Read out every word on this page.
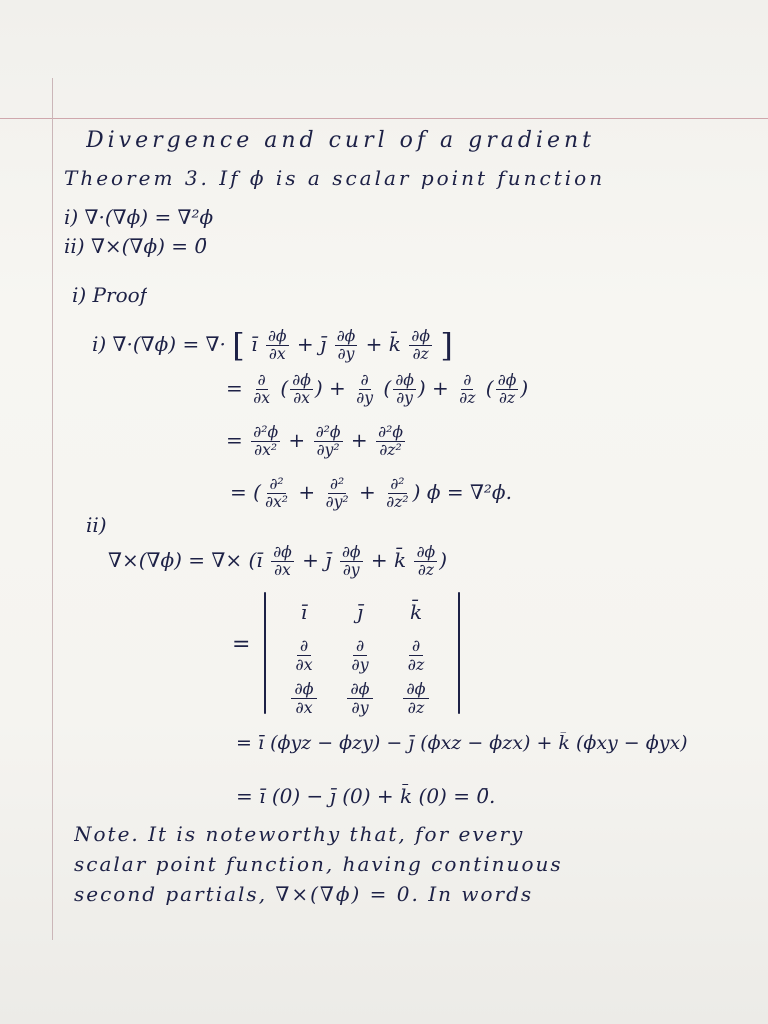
Divergence and curl of a gradient
Theorem 3. If ϕ is a scalar point function
i) ∇·(∇ϕ) = ∇²ϕ
ii) ∇×(∇ϕ) = 0̄
i) Proof
i) ∇·(∇ϕ) = ∇· [ ī $\frac{\partial\phi}{\partial x}$ + j̄ $\frac{\partial\phi}{\partial y}$ + k̄ $\frac{\partial\phi}{\partial z}$ ]
= $\frac{\partial}{\partial x}$ ( $\frac{\partial\phi}{\partial x}$ ) + $\frac{\partial}{\partial y}$ ( $\frac{\partial\phi}{\partial y}$ ) + $\frac{\partial}{\partial z}$ ( $\frac{\partial\phi}{\partial z}$ )
= $\frac{\text{∂²ϕ}}{\text{∂x²}} + \frac{\text{∂²ϕ}}{\text{∂y²}} + \frac{\text{∂²ϕ}}{\text{∂z²}}$
= ( $\frac{\text{∂²}}{\text{∂x²}} + \frac{\text{∂²}}{\text{∂y²}} + \frac{\text{∂²}}{\text{∂z²}}$ ) ϕ = ∇²ϕ.
ii)
∇×(∇ϕ) = ∇× (ī $\frac{\partial\phi}{\partial x}$ + j̄ $\frac{\partial\phi}{\partial y}$ + k̄ $\frac{\partial\phi}{\partial z}$ )
=
ī	j̄	k̄

$\frac{\partial}{\partial x}$	$\frac{\partial}{\partial y}$	$\frac{\partial}{\partial z}$

$\frac{\partial\phi}{\partial x}$	$\frac{\partial\phi}{\partial y}$	$\frac{\partial\phi}{\partial z}$
= ī (ϕyz − ϕzy) − j̄ (ϕxz − ϕzx) + k̄ (ϕxy − ϕyx)
= ī (0) − j̄ (0) + k̄ (0) = 0̄.
Note. It is noteworthy that, for every
scalar point function, having continuous
second partials, ∇×(∇ϕ) = 0. In words
